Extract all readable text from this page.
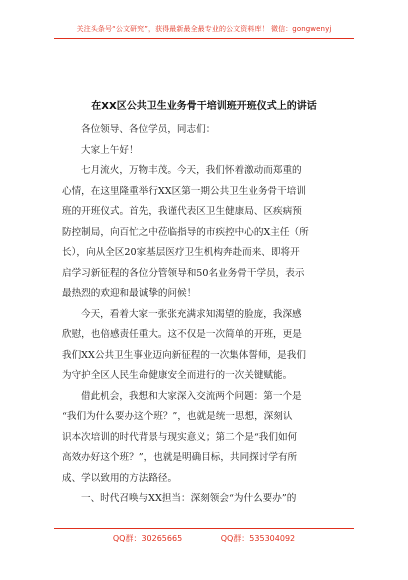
关注头条号“公文研究”，获得最新最全最专业的公文资料库！ 微信：gongwenyj
在XX区公共卫生业务骨干培训班开班仪式上的讲话
各位领导、各位学员，同志们：
大家上午好！
七月流火，万物丰茂。今天，我们怀着激动而郑重的
心情，在这里隆重举行XX区第一期公共卫生业务骨干培训
班的开班仪式。首先，我谨代表区卫生健康局、区疾病预
防控制局，向百忙之中莅临指导的市疾控中心的X主任（所
长），向从全区20家基层医疗卫生机构奔赴而来、即将开
启学习新征程的各位分管领导和50名业务骨干学员，表示
最热烈的欢迎和最诚挚的问候！
今天，看着大家一张张充满求知渴望的脸庞，我深感
欣慰，也倍感责任重大。这不仅是一次简单的开班，更是
我们XX公共卫生事业迈向新征程的一次集体誓师，是我们
为守护全区人民生命健康安全而进行的一次关键赋能。
借此机会，我想和大家深入交流两个问题：第一个是
“我们为什么要办这个班？”，也就是统一思想，深刻认
识本次培训的时代背景与现实意义；第二个是“我们如何
高效办好这个班？”，也就是明确目标，共同探讨学有所
成、学以致用的方法路径。
一、时代召唤与XX担当：深刻领会“为什么要办”的
QQ群：30265665	QQ群：535304092
